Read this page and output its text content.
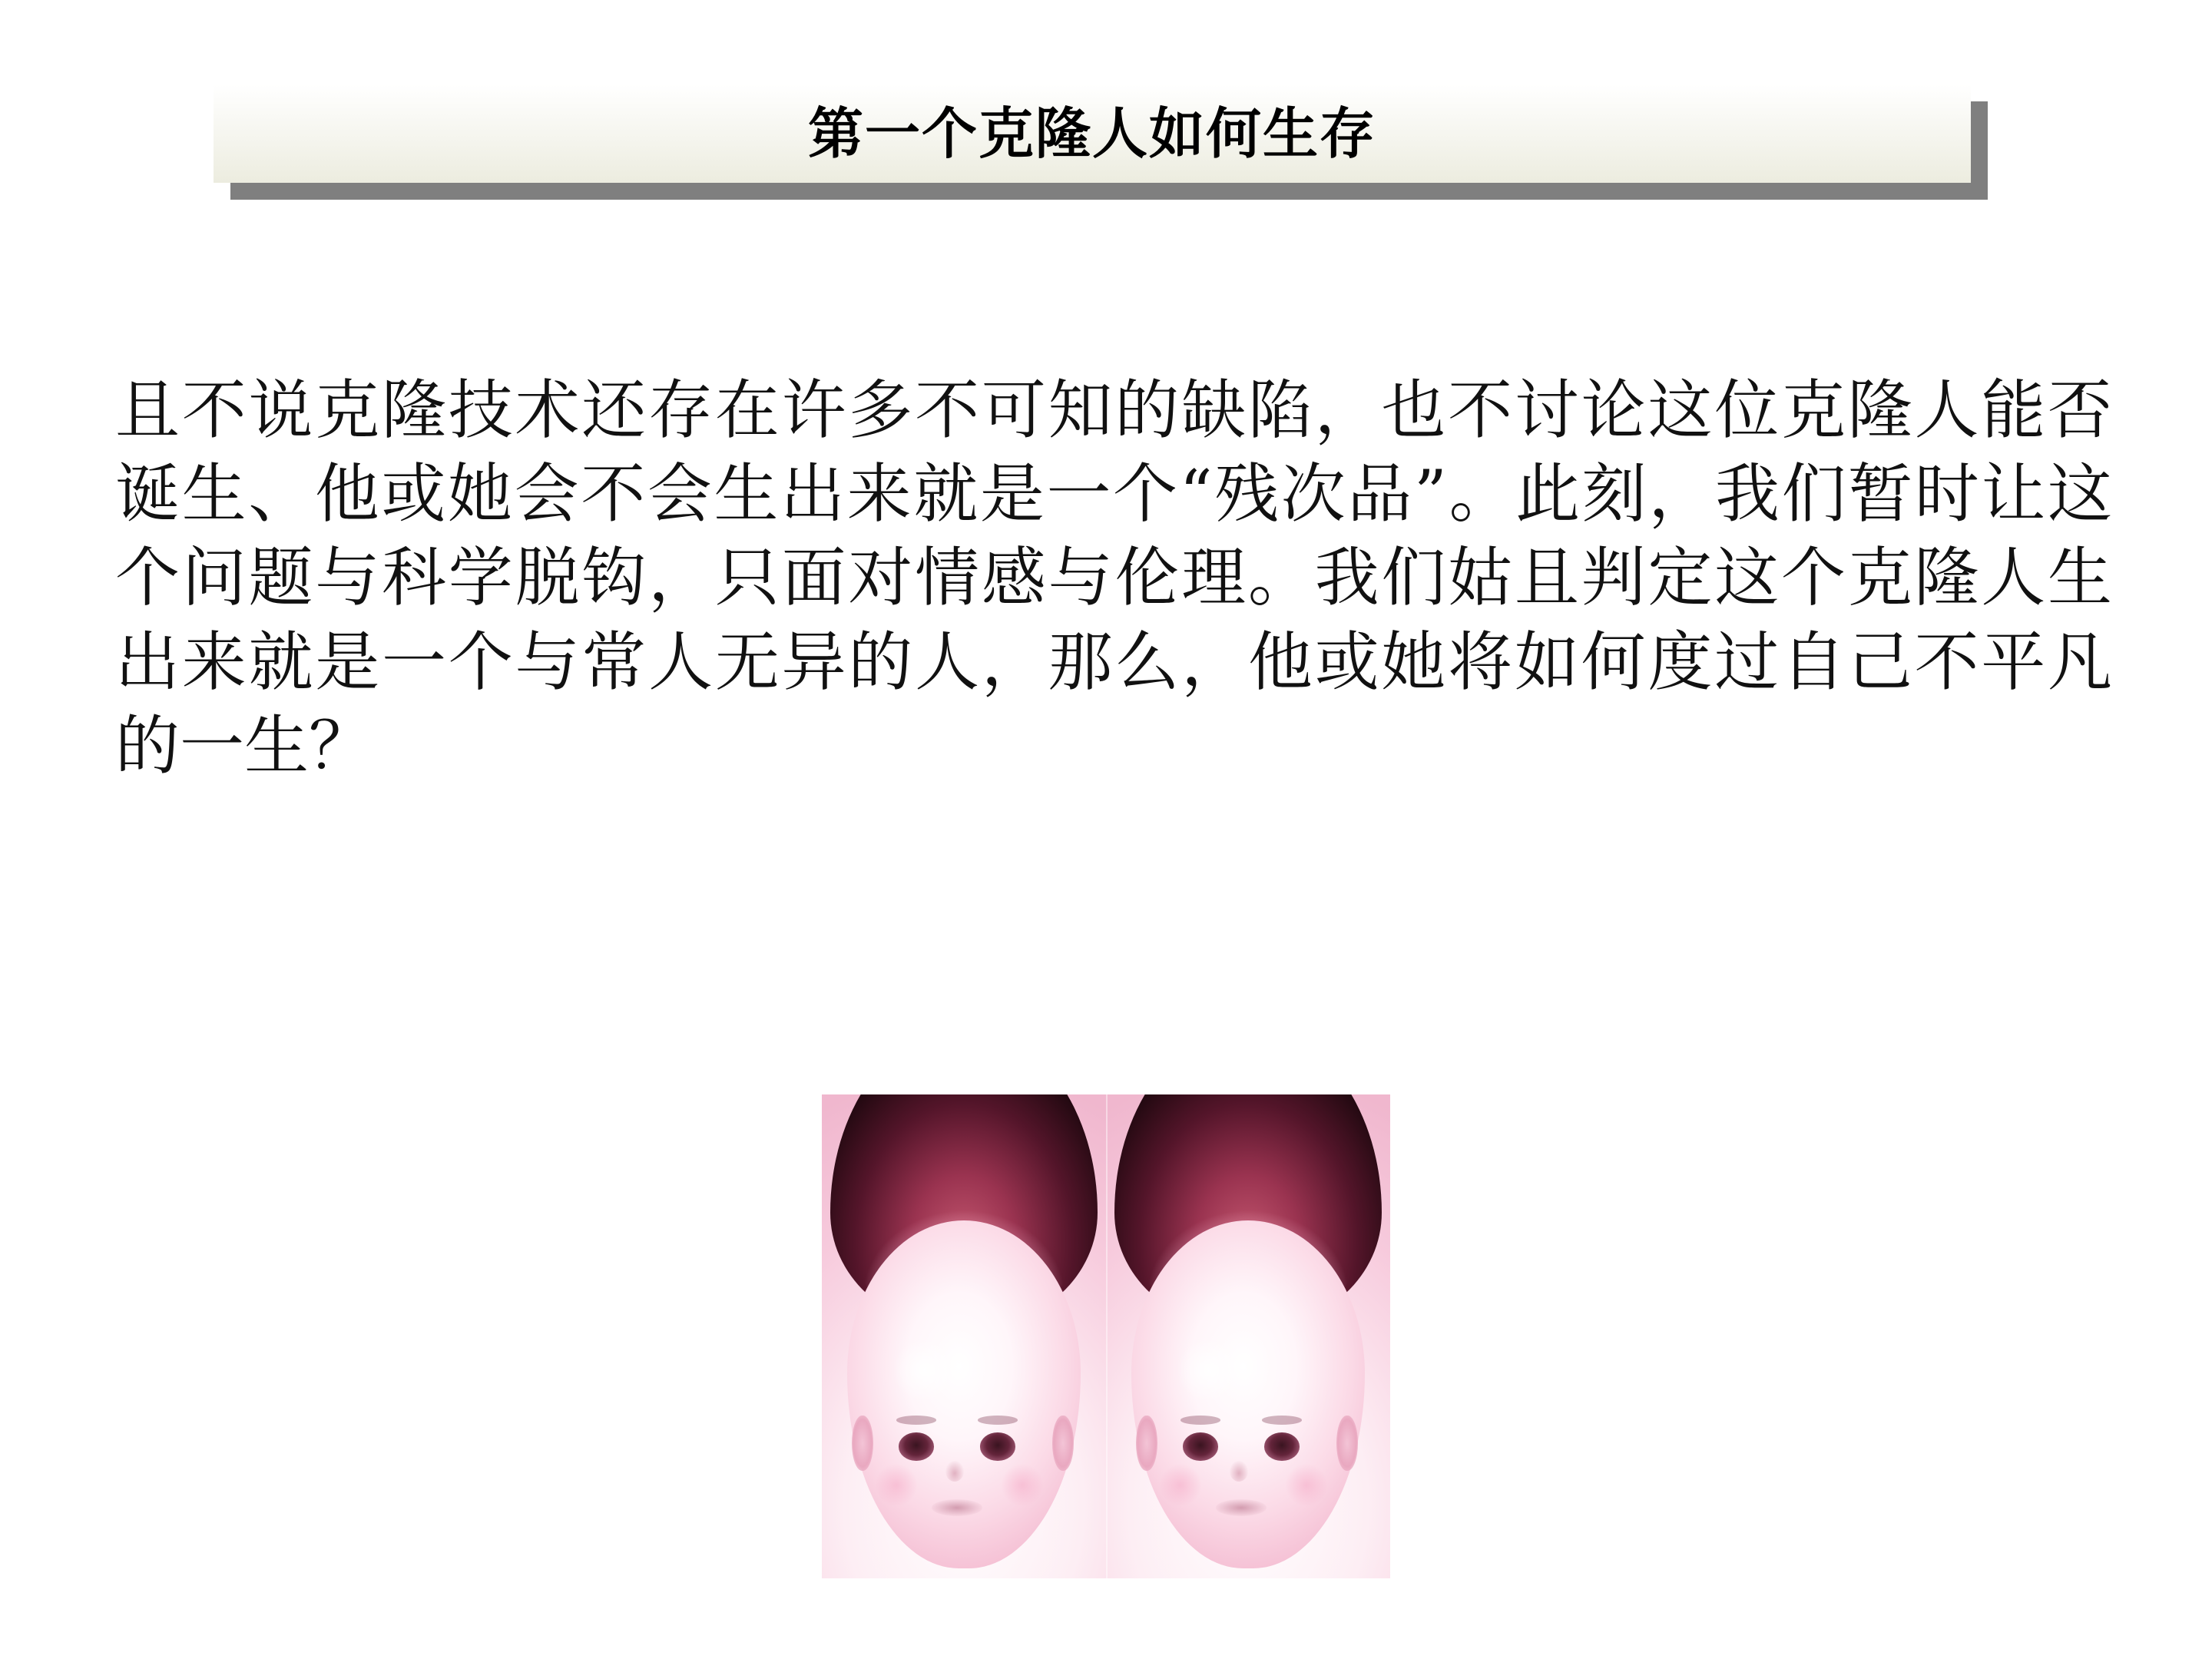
第一个克隆人如何生存
且不说克隆技术还存在许多不可知的缺陷，也不讨论这位克隆人能否诞生、他或她会不会生出来就是一个“残次品”。此刻，我们暂时让这个问题与科学脱钩，只面对情感与伦理。我们姑且判定这个克隆人生出来就是一个与常人无异的人，那么，他或她将如何度过自己不平凡的一生？
